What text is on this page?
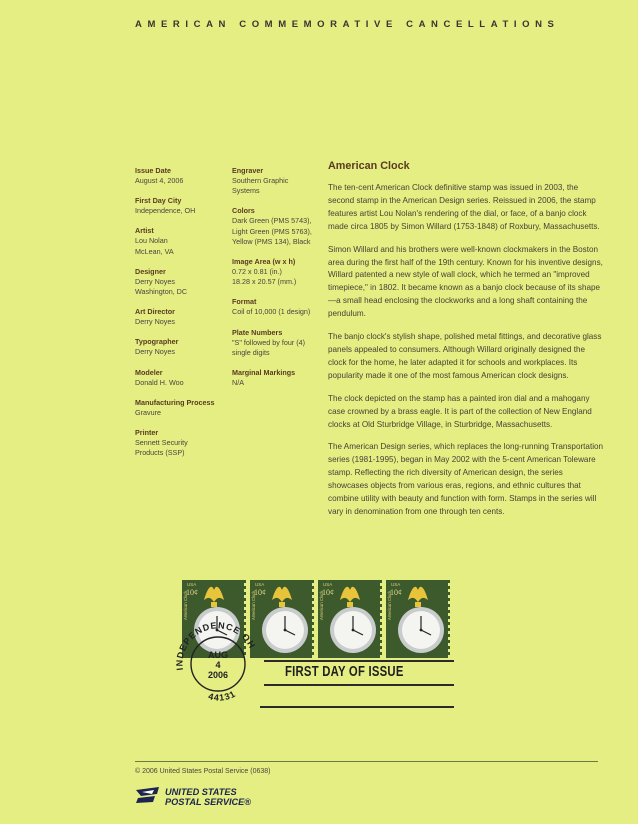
AMERICAN COMMEMORATIVE CANCELLATIONS
Issue Date
August 4, 2006
First Day City
Independence, OH
Artist
Lou Nolan
McLean, VA
Designer
Derry Noyes
Washington, DC
Art Director
Derry Noyes
Typographer
Derry Noyes
Modeler
Donald H. Woo
Manufacturing Process
Gravure
Printer
Sennett Security
Products (SSP)
Engraver
Southern Graphic
Systems
Colors
Dark Green (PMS 5743),
Light Green (PMS 5763),
Yellow (PMS 134), Black
Image Area (w x h)
0.72 x 0.81 (in.)
18.28 x 20.57 (mm.)
Format
Coil of 10,000 (1 design)
Plate Numbers
"S" followed by four (4)
single digits
Marginal Markings
N/A
American Clock

The ten-cent American Clock definitive stamp was issued in 2003, the second stamp in the American Design series. Reissued in 2006, the stamp features artist Lou Nolan's rendering of the dial, or face, of a banjo clock made circa 1805 by Simon Willard (1753-1848) of Roxbury, Massachusetts.

Simon Willard and his brothers were well-known clockmakers in the Boston area during the first half of the 19th century. Known for his inventive designs, Willard patented a new style of wall clock, which he termed an "improved timepiece," in 1802. It became known as a banjo clock because of its shape—a small head enclosing the clockworks and a long shaft containing the pendulum.

The banjo clock's stylish shape, polished metal fittings, and decorative glass panels appealed to consumers. Although Willard originally designed the clock for the home, he later adapted it for schools and workplaces. Its popularity made it one of the most famous American clock designs.

The clock depicted on the stamp has a painted iron dial and a mahogany case crowned by a brass eagle. It is part of the collection of New England clocks at Old Sturbridge Village, in Sturbridge, Massachusetts.

The American Design series, which replaces the long-running Transportation series (1981-1995), began in May 2002 with the 5-cent American Toleware stamp. Reflecting the rich diversity of American design, the series showcases objects from various eras, regions, and ethnic cultures that combine utility with beauty and function with form. Stamps in the series will vary in denomination from one through ten cents.

USA
10¢
American Clock
USA
10¢
American Clock
USA
10¢
American Clock
USA
10¢
American Clock
INDEPENDENCE OH
44131
AUG
4
2006	FIRST DAY OF ISSUE
© 2006 United States Postal Service (0638)
UNITED STATES
POSTAL SERVICE®
